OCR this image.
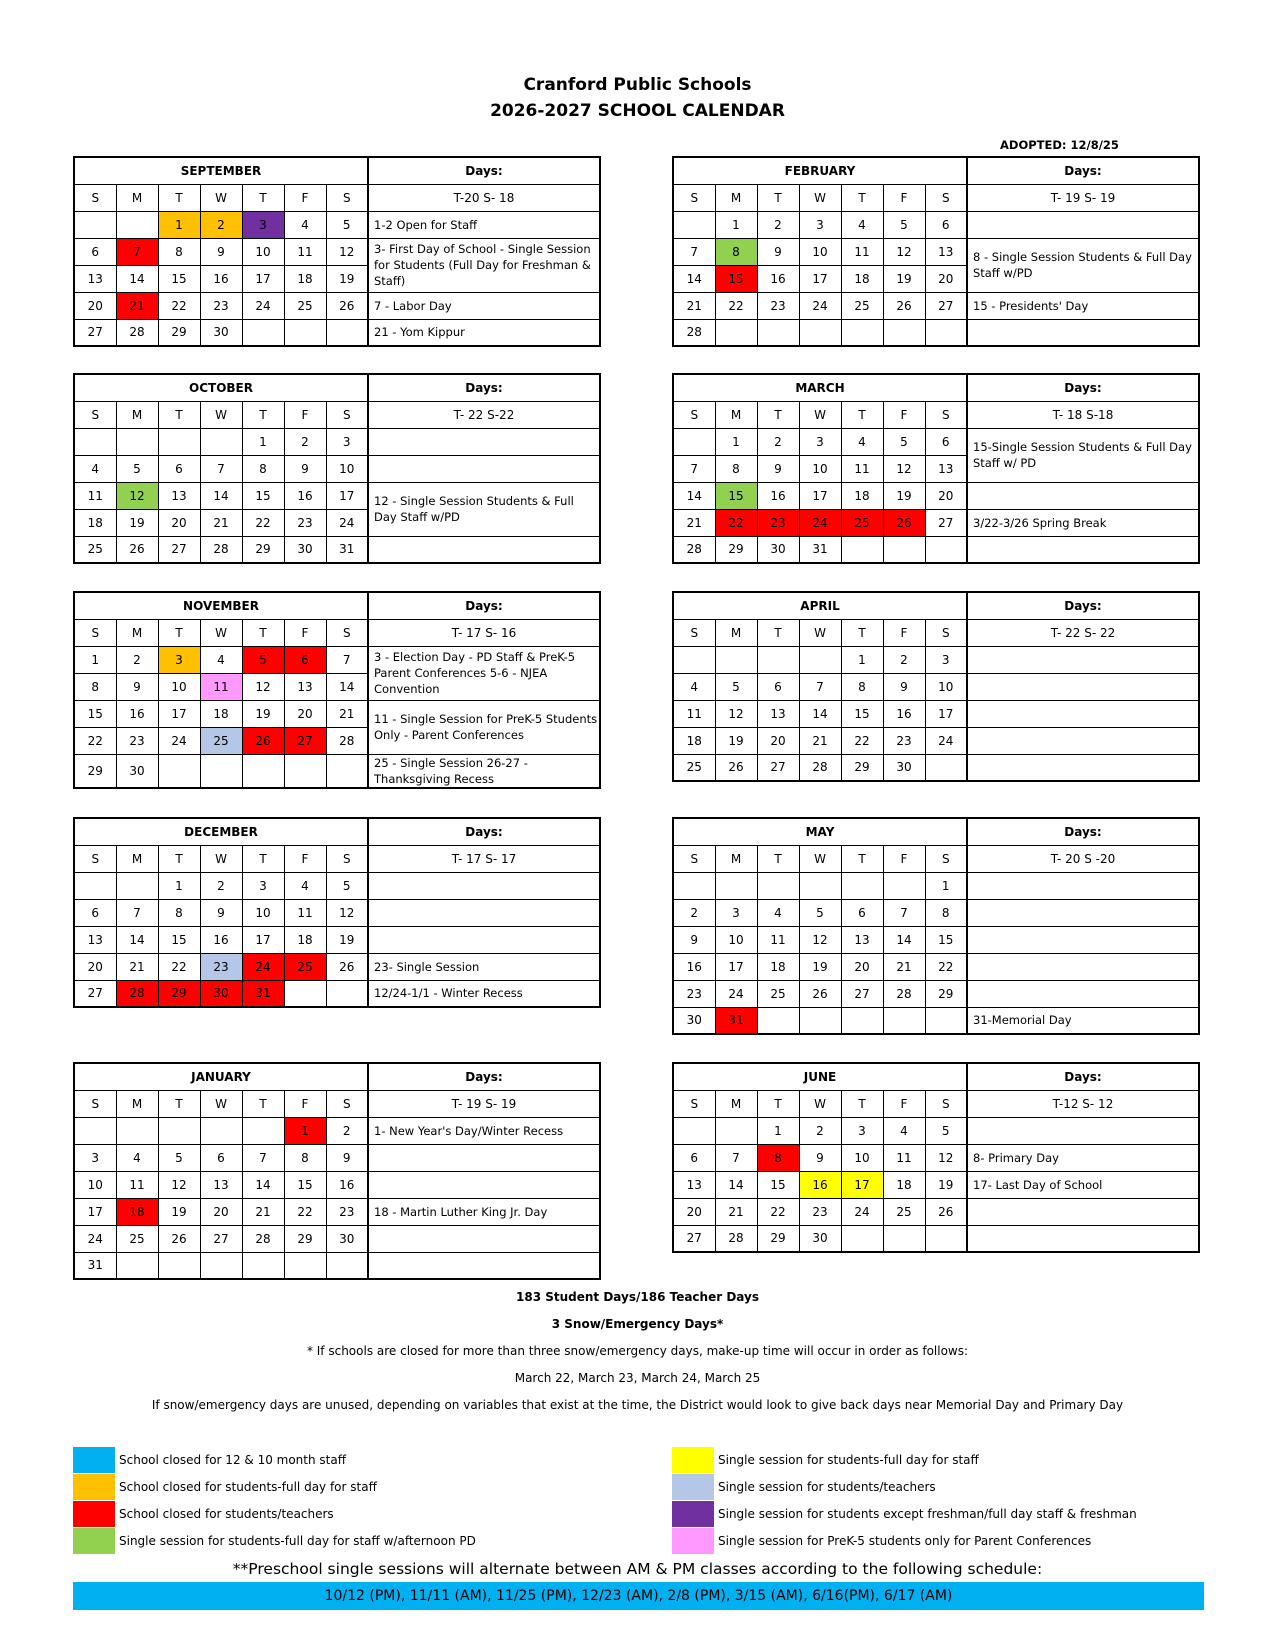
Cranford Public Schools
2026-2027 SCHOOL CALENDAR
ADOPTED: 12/8/25
SEPTEMBER							Days:
S	M	T	W	T	F	S	T-20 S- 18
		1	2	3	4	5	1-2 Open for Staff
6	7	8	9	10	11	12	3- First Day of School - Single Session for Students (Full Day for Freshman & Staff)
13	14	15	16	17	18	19	
20	21	22	23	24	25	26	7 - Labor Day
27	28	29	30				21 - Yom Kippur
OCTOBER							Days:
S	M	T	W	T	F	S	T- 22 S-22
				1	2	3	
4	5	6	7	8	9	10	
11	12	13	14	15	16	17	12 - Single Session Students & Full Day Staff w/PD
18	19	20	21	22	23	24	
25	26	27	28	29	30	31	
NOVEMBER							Days:
S	M	T	W	T	F	S	T- 17 S- 16
1	2	3	4	5	6	7	3 - Election Day - PD Staff & PreK-5 Parent Conferences 5-6 - NJEA Convention
8	9	10	11	12	13	14	
15	16	17	18	19	20	21	11 - Single Session for PreK-5 Students Only - Parent Conferences
22	23	24	25	26	27	28	
29	30						25 - Single Session 26-27 - Thanksgiving Recess
DECEMBER							Days:
S	M	T	W	T	F	S	T- 17 S- 17
		1	2	3	4	5	
6	7	8	9	10	11	12	
13	14	15	16	17	18	19	
20	21	22	23	24	25	26	23- Single Session
27	28	29	30	31			12/24-1/1 - Winter Recess
JANUARY							Days:
S	M	T	W	T	F	S	T- 19 S- 19
					1	2	1- New Year's Day/Winter Recess
3	4	5	6	7	8	9	
10	11	12	13	14	15	16	
17	18	19	20	21	22	23	18 - Martin Luther King Jr. Day
24	25	26	27	28	29	30	
31							
FEBRUARY							Days:
S	M	T	W	T	F	S	T- 19 S- 19
	1	2	3	4	5	6	
7	8	9	10	11	12	13	8 - Single Session Students & Full Day Staff w/PD
14	15	16	17	18	19	20	
21	22	23	24	25	26	27	15 - Presidents' Day
28							
MARCH							Days:
S	M	T	W	T	F	S	T- 18 S-18
	1	2	3	4	5	6	15-Single Session Students & Full Day Staff w/ PD
7	8	9	10	11	12	13	
14	15	16	17	18	19	20	
21	22	23	24	25	26	27	3/22-3/26 Spring Break
28	29	30	31				
APRIL							Days:
S	M	T	W	T	F	S	T- 22 S- 22
				1	2	3	
4	5	6	7	8	9	10	
11	12	13	14	15	16	17	
18	19	20	21	22	23	24	
25	26	27	28	29	30		
MAY							Days:
S	M	T	W	T	F	S	T- 20 S -20
						1	
2	3	4	5	6	7	8	
9	10	11	12	13	14	15	
16	17	18	19	20	21	22	
23	24	25	26	27	28	29	
30	31						31-Memorial Day
JUNE							Days:
S	M	T	W	T	F	S	T-12 S- 12
		1	2	3	4	5	
6	7	8	9	10	11	12	8- Primary Day
13	14	15	16	17	18	19	17- Last Day of School
20	21	22	23	24	25	26	
27	28	29	30				
183 Student Days/186 Teacher Days
3 Snow/Emergency Days*
* If schools are closed for more than three snow/emergency days, make-up time will occur in order as follows:
March 22, March 23, March 24, March 25
If snow/emergency days are unused, depending on variables that exist at the time, the District would look to give back days near Memorial Day and Primary Day
School closed for 12 & 10 month staff
School closed for students-full day for staff
School closed for students/teachers
Single session for students-full day for staff w/afternoon PD
Single session for students-full day for staff
Single session for students/teachers
Single session for students except freshman/full day staff & freshman
Single session for PreK-5 students only for Parent Conferences
**Preschool single sessions will alternate between AM & PM classes according to the following schedule:
10/12 (PM), 11/11 (AM), 11/25 (PM), 12/23 (AM), 2/8 (PM), 3/15 (AM), 6/16(PM), 6/17 (AM)
